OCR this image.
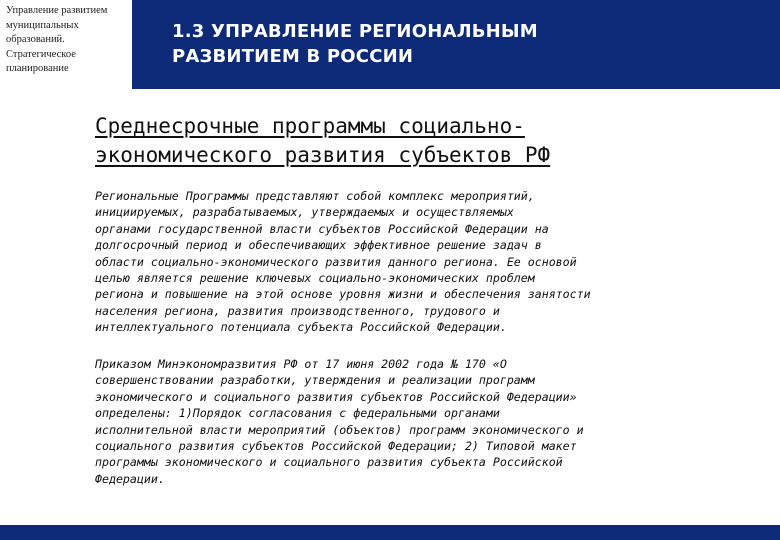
Управление развитием
муниципальных
образований.
Стратегическое
планирование
1.3 УПРАВЛЕНИЕ РЕГИОНАЛЬНЫМ
РАЗВИТИЕМ В РОССИИ
Среднесрочные программы социально-
экономического развития субъектов РФ
Региональные Программы представляют собой комплекс мероприятий,
инициируемых, разрабатываемых, утверждаемых и осуществляемых
органами государственной власти субъектов Российской Федерации на
долгосрочный период и обеспечивающих эффективное решение задач в
области социально-экономического развития данного региона. Ее основой
целью является решение ключевых социально-экономических проблем
региона и повышение на этой основе уровня жизни и обеспечения занятости
населения региона, развития производственного, трудового и
интеллектуального потенциала субъекта Российской Федерации.
Приказом Минэкономразвития РФ от 17 июня 2002 года № 170 «О
совершенствовании разработки, утверждения и реализации программ
экономического и социального развития субъектов Российской Федерации»
определены: 1)Порядок согласования с федеральными органами
исполнительной власти мероприятий (объектов) программ экономического и
социального развития субъектов Российской Федерации; 2) Типовой макет
программы экономического и социального развития субъекта Российской
Федерации.
